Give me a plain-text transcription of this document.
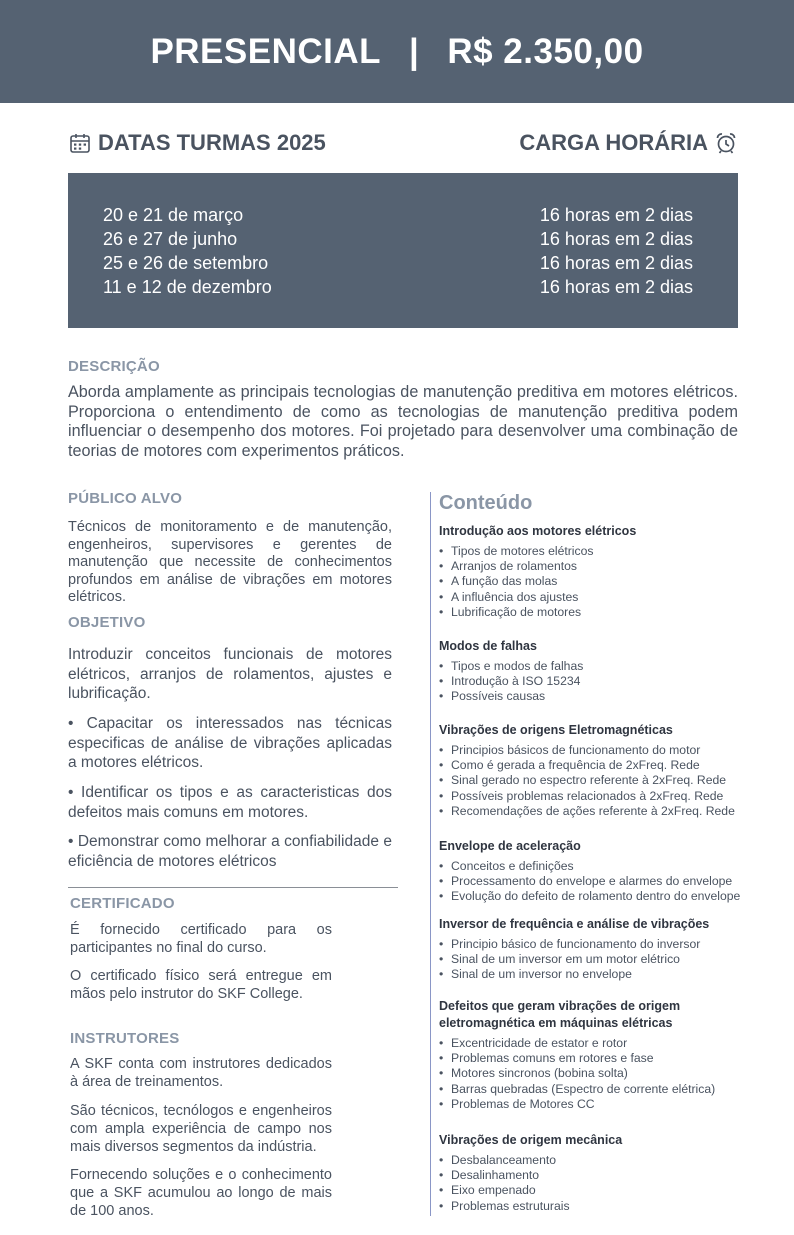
PRESENCIAL | R$ 2.350,00
DATAS TURMAS 2025	CARGA HORÁRIA
20 e 21 de março
26 e 27 de junho
25 e 26 de setembro
11 e 12 de dezembro
16 horas em 2 dias
16 horas em 2 dias
16 horas em 2 dias
16 horas em 2 dias
DESCRIÇÃO
Aborda amplamente as principais tecnologias de manutenção preditiva em motores elétricos. Proporciona o entendimento de como as tecnologias de manutenção preditiva podem influenciar o desempenho dos motores. Foi projetado para desenvolver uma combinação de teorias de motores com experimentos práticos.
PÚBLICO ALVO
Técnicos de monitoramento e de manutenção, engenheiros, supervisores e gerentes de manutenção que necessite de conhecimentos profundos em análise de vibrações em motores elétricos.
OBJETIVO
Introduzir conceitos funcionais de motores elétricos, arranjos de rolamentos, ajustes e lubrificação.
• Capacitar os interessados nas técnicas especificas de análise de vibrações aplicadas a motores elétricos.
• Identificar os tipos e as caracteristicas dos defeitos mais comuns em motores.
• Demonstrar como melhorar a confiabilidade e eficiência de motores elétricos
CERTIFICADO
É fornecido certificado para os participantes no final do curso.
O certificado físico será entregue em mãos pelo instrutor do SKF College.
INSTRUTORES
A SKF conta com instrutores dedicados à área de treinamentos.
São técnicos, tecnólogos e engenheiros com ampla experiência de campo nos mais diversos segmentos da indústria.
Fornecendo soluções e o conhecimento que a SKF acumulou ao longo de mais de 100 anos.
Conteúdo
Introdução aos motores elétricos
• Tipos de motores elétricos
• Arranjos de rolamentos
• A função das molas
• A influência dos ajustes
• Lubrificação de motores
Modos de falhas
• Tipos e modos de falhas
• Introdução à ISO 15234
• Possíveis causas
Vibrações de origens Eletromagnéticas
• Principios básicos de funcionamento do motor
• Como é gerada a frequência de 2xFreq. Rede
• Sinal gerado no espectro referente à 2xFreq. Rede
• Possíveis problemas relacionados à 2xFreq. Rede
• Recomendações de ações referente à 2xFreq. Rede
Envelope de aceleração
• Conceitos e definições
• Processamento do envelope e alarmes do envelope
• Evolução do defeito de rolamento dentro do envelope
Inversor de frequência e análise de vibrações
• Principio básico de funcionamento do inversor
• Sinal de um inversor em um motor elétrico
• Sinal de um inversor no envelope
Defeitos que geram vibrações de origem eletromagnética em máquinas elétricas
• Excentricidade de estator e rotor
• Problemas comuns em rotores e fase
• Motores sincronos (bobina solta)
• Barras quebradas (Espectro de corrente elétrica)
• Problemas de Motores CC
Vibrações de origem mecânica
• Desbalanceamento
• Desalinhamento
• Eixo empenado
• Problemas estruturais
